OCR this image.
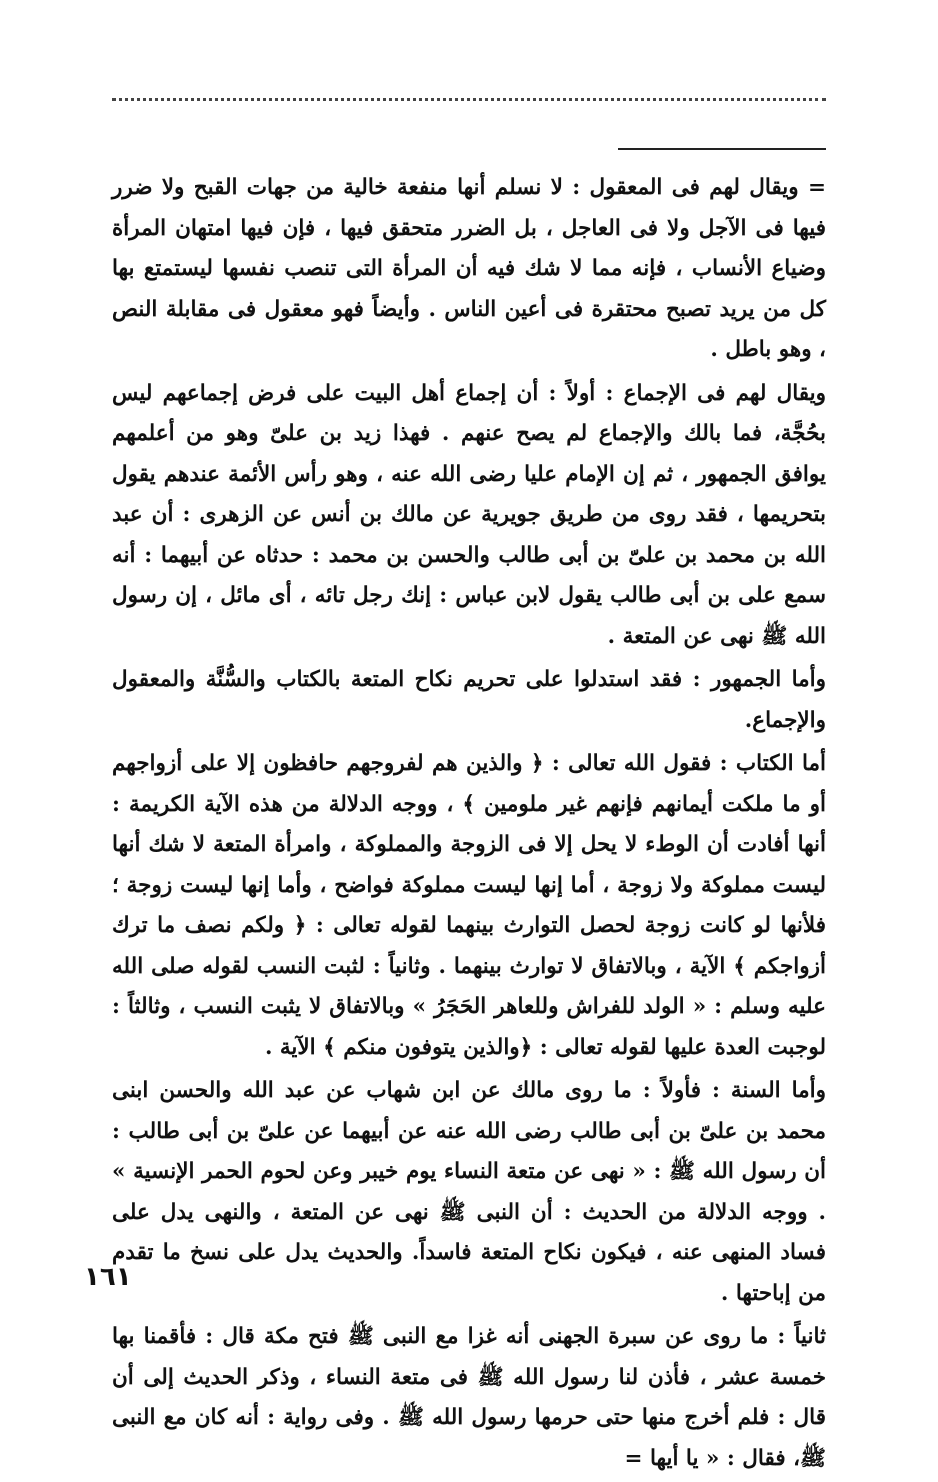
= ويقال لهم فى المعقول : لا نسلم أنها منفعة خالية من جهات القبح ولا ضرر فيها فى الآجل ولا فى العاجل ، بل الضرر متحقق فيها ، فإن فيها امتهان المرأة وضياع الأنساب ، فإنه مما لا شك فيه أن المرأة التى تنصب نفسها ليستمتع بها كل من يريد تصبح محتقرة فى أعين الناس . وأيضاً فهو معقول فى مقابلة النص ، وهو باطل .

ويقال لهم فى الإجماع : أولاً : أن إجماع أهل البيت على فرض إجماعهم ليس بحُجَّة، فما بالك والإجماع لم يصح عنهم . فهذا زيد بن علىّ وهو من أعلمهم يوافق الجمهور ، ثم إن الإمام عليا رضى الله عنه ، وهو رأس الأئمة عندهم يقول بتحريمها ، فقد روى من طريق جويرية عن مالك بن أنس عن الزهرى : أن عبد الله بن محمد بن علىّ بن أبى طالب والحسن بن محمد : حدثاه عن أبيهما : أنه سمع على بن أبى طالب يقول لابن عباس : إنك رجل تائه ، أى مائل ، إن رسول الله ﷺ نهى عن المتعة .

وأما الجمهور : فقد استدلوا على تحريم نكاح المتعة بالكتاب والسُّنَّة والمعقول والإجماع.

أما الكتاب : فقول الله تعالى : ﴿ والذين هم لفروجهم حافظون إلا على أزواجهم أو ما ملكت أيمانهم فإنهم غير ملومين ﴾ ، ووجه الدلالة من هذه الآية الكريمة : أنها أفادت أن الوطء لا يحل إلا فى الزوجة والمملوكة ، وامرأة المتعة لا شك أنها ليست مملوكة ولا زوجة ، أما إنها ليست مملوكة فواضح ، وأما إنها ليست زوجة ؛ فلأنها لو كانت زوجة لحصل التوارث بينهما لقوله تعالى : ﴿ ولكم نصف ما ترك أزواجكم ﴾ الآية ، وبالاتفاق لا توارث بينهما . وثانياً : لثبت النسب لقوله صلى الله عليه وسلم : « الولد للفراش وللعاهر الحَجَرُ » وبالاتفاق لا يثبت النسب ، وثالثاً : لوجبت العدة عليها لقوله تعالى : ﴿والذين يتوفون منكم ﴾ الآية .

وأما السنة : فأولاً : ما روى مالك عن ابن شهاب عن عبد الله والحسن ابنى محمد بن علىّ بن أبى طالب رضى الله عنه عن أبيهما عن علىّ بن أبى طالب : أن رسول الله ﷺ : « نهى عن متعة النساء يوم خيبر وعن لحوم الحمر الإنسية » . ووجه الدلالة من الحديث : أن النبى ﷺ نهى عن المتعة ، والنهى يدل على فساد المنهى عنه ، فيكون نكاح المتعة فاسداً. والحديث يدل على نسخ ما تقدم من إباحتها .

ثانياً : ما روى عن سبرة الجهنى أنه غزا مع النبى ﷺ فتح مكة قال : فأقمنا بها خمسة عشر ، فأذن لنا رسول الله ﷺ فى متعة النساء ، وذكر الحديث إلى أن قال : فلم أخرج منها حتى حرمها رسول الله ﷺ . وفى رواية : أنه كان مع النبى ﷺ، فقال : « يا أيها =

١٦١
